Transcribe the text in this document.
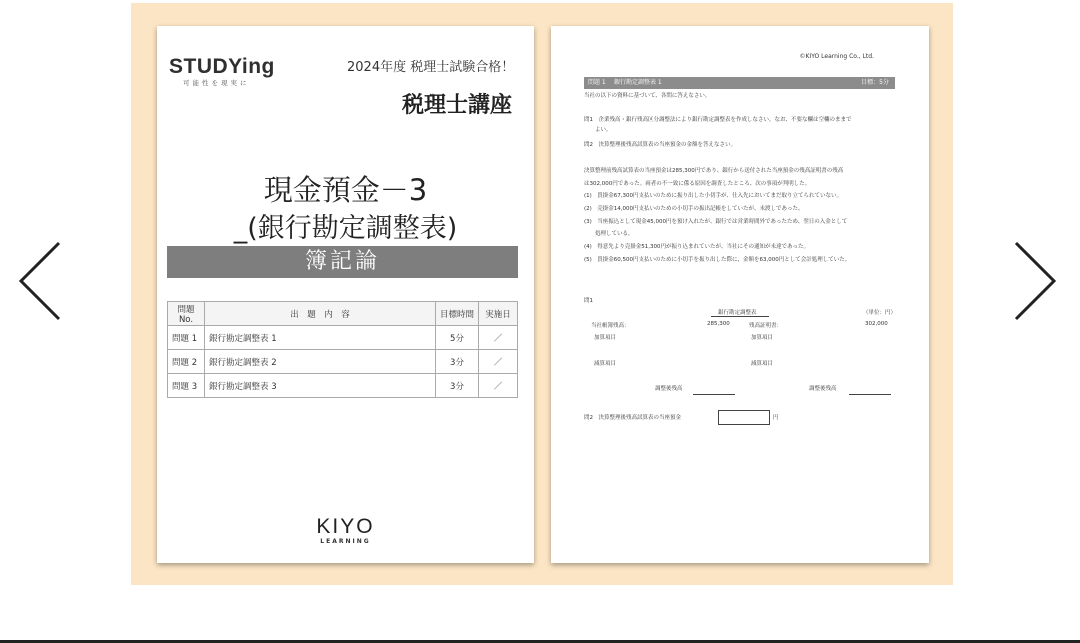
STUDYing
可能性を現実に
2024年度 税理士試験合格！
税理士講座
現金預金－3
_(銀行勘定調整表)
簿記論
問題No.	出　題　内　容	目標時間	実施日
問題 1	銀行勘定調整表 1	5分	／
問題 2	銀行勘定調整表 2	3分	／
問題 3	銀行勘定調整表 3	3分	／
KIYO
LEARNING
©KIYO Learning Co., Ltd.
問題 1 銀行勘定調整表 1	目標：5分
当社の以下の資料に基づいて、各問に答えなさい。
問1　企業残高・銀行残高区分調整法により銀行勘定調整表を作成しなさい。なお、不要な欄は空欄のままで
　　よい。
問2　決算整理後残高試算表の当座預金の金額を答えなさい。
決算整理前残高試算表の当座預金は285,300円であり、銀行から送付された当座預金の残高証明書の残高
は302,000円であった。両者の不一致に係る原因を調査したところ、次の事項が判明した。
(1)　買掛金67,300円支払いのために振り出した小切手が、仕入先においてまだ取り立てられていない。
(2)　売掛金14,000円支払いのための小切手の振出記帳をしていたが、未渡しであった。
(3)　当座振込として現金45,000円を預け入れたが、銀行では営業時間外であったため、翌日の入金として
　　処理している。
(4)　得意先より売掛金51,300円が振り込まれていたが、当社にその通知が未達であった。
(5)　買掛金60,500円支払いのために小切手を振り出した際に、金額を63,000円として会計処理していた。
問1
銀行勘定調整表	（単位：円）
当社帳簿残高：	285,300	残高証明書：	302,000
加算項目	加算項目
減算項目	減算項目
調整後残高	調整後残高
問2　決算整理後残高試算表の当座預金	円
